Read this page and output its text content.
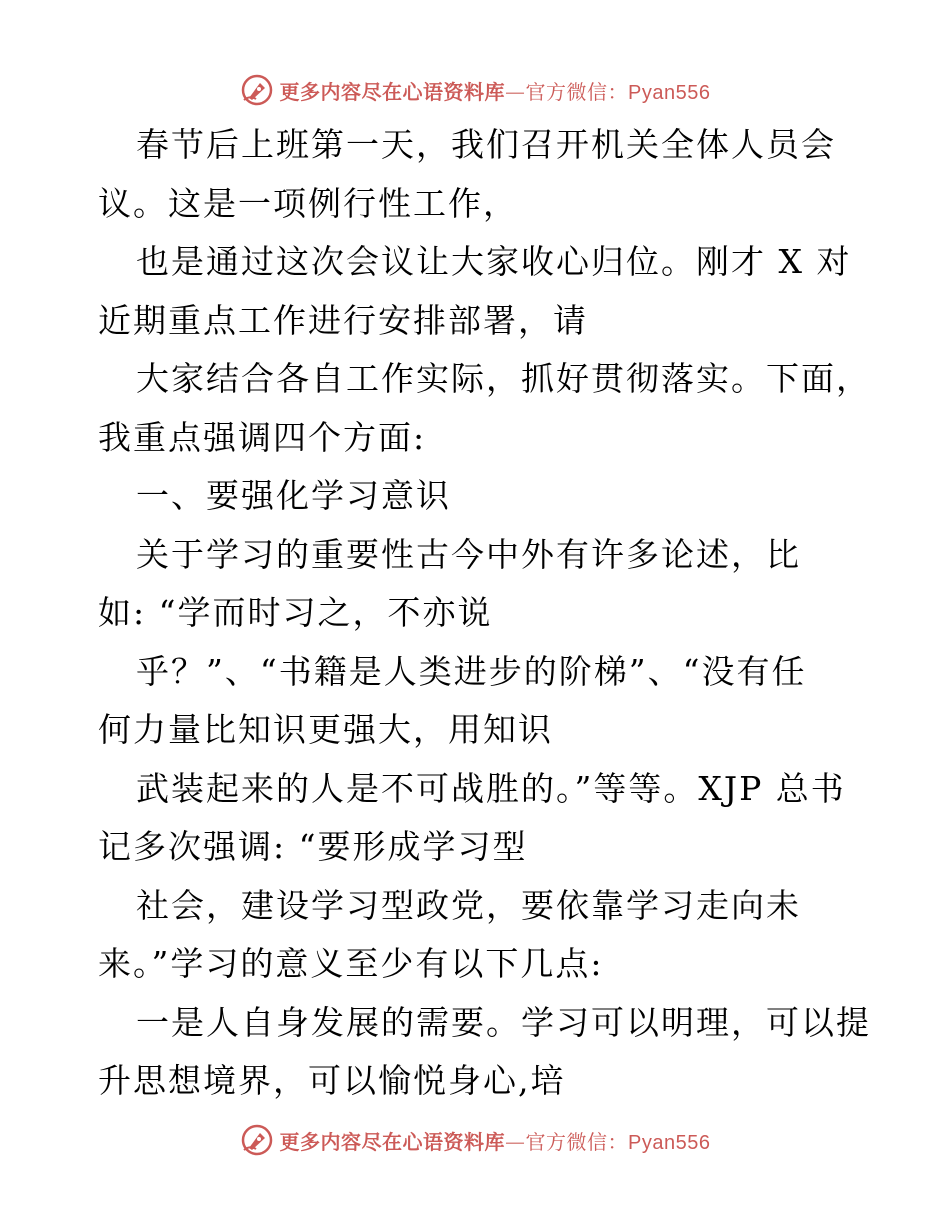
更多内容尽在心语资料库—官方微信：Pyan556
春节后上班第一天，我们召开机关全体人员会
议。这是一项例行性工作，
也是通过这次会议让大家收心归位。刚才 X 对
近期重点工作进行安排部署，请
大家结合各自工作实际，抓好贯彻落实。下面，
我重点强调四个方面:
一、要强化学习意识
关于学习的重要性古今中外有许多论述，比
如: “学而时习之，不亦说
乎？”、“书籍是人类进步的阶梯”、“没有任
何力量比知识更强大，用知识
武装起来的人是不可战胜的。”等等。XJP 总书
记多次强调: “要形成学习型
社会，建设学习型政党，要依靠学习走向未
来。”学习的意义至少有以下几点:
一是人自身发展的需要。学习可以明理，可以提
升思想境界，可以愉悦身心,培
更多内容尽在心语资料库—官方微信：Pyan556
